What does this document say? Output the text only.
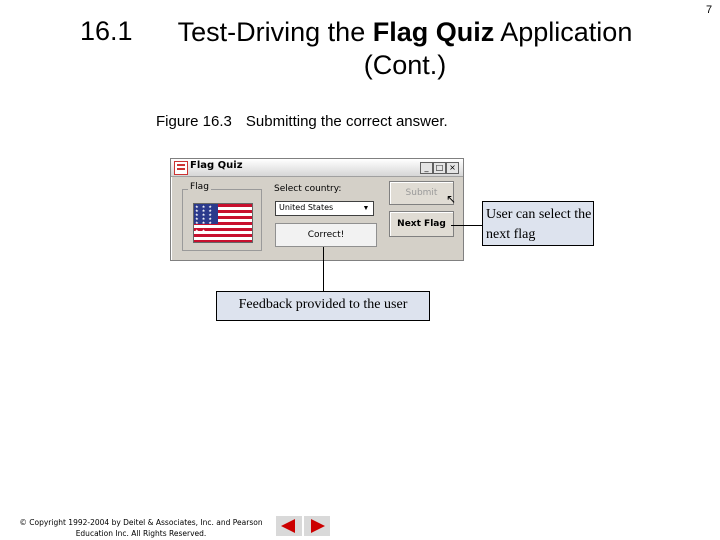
16.1	Test-Driving the Flag Quiz Application
(Cont.)
7
Figure 16.3 Submitting the correct answer.
Flag Quiz	_ □ ×
Flag
★ ★ ★ ★ ★ ★ ★ ★ ★ ★ ★ ★ ★ ★ ★ ★ ★ ★ ★ ★
Select country:
United States	▼
Submit ↖
Next Flag
Correct!
User can select the next flag
Feedback provided to the user
© Copyright 1992-2004 by Deitel & Associates, Inc. and Pearson Education Inc. All Rights Reserved.
